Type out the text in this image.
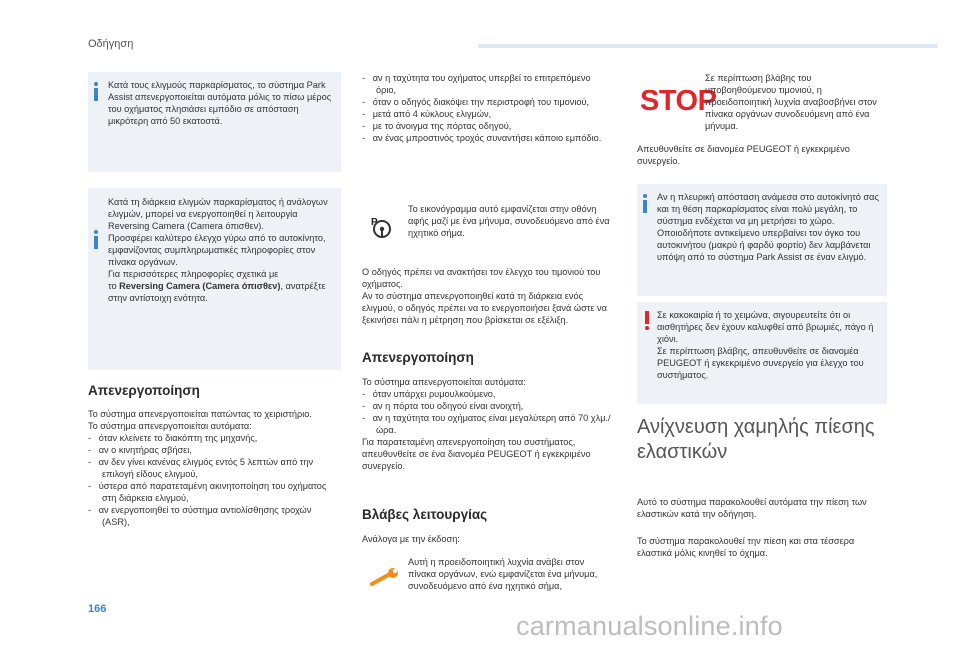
Οδήγηση
Κατά τους ελιγμούς παρκαρίσματος, το σύστημα Park Assist απενεργοποιείται αυτόματα μόλις το πίσω μέρος του οχήματος πλησιάσει εμπόδιο σε απόσταση μικρότερη από 50 εκατοστά.

Κατά τη διάρκεια ελιγμών παρκαρίσματος ή ανάλογων ελιγμών, μπορεί να ενεργοποιηθεί η λειτουργία Reversing Camera (Camera όπισθεν).

Προσφέρει καλύτερο έλεγχο γύρω από το αυτοκίνητο, εμφανίζοντας συμπληρωματικές πληροφορίες στον πίνακα οργάνων.

Για περισσότερες πληροφορίες σχετικά με

το Reversing Camera (Camera όπισθεν), ανατρέξτε στην αντίστοιχη ενότητα.

Απενεργοποίηση

Το σύστημα απενεργοποιείται πατώντας το χειριστήριο.

Το σύστημα απενεργοποιείται αυτόματα:

-   όταν κλείνετε το διακόπτη της μηχανής,

-   αν ο κινητήρας σβήσει,

-   αν δεν γίνει κανένας ελιγμός εντός 5 λεπτών από την επιλογή είδους ελιγμού,

-   ύστερα από παρατεταμένη ακινητοποίηση του οχήματος στη διάρκεια ελιγμού,

-   αν ενεργοποιηθεί το σύστημα αντιολίσθησης τροχών (ASR),

-   αν η ταχύτητα του οχήματος υπερβεί το επιτρεπόμενο όριο,

-   όταν ο οδηγός διακόψει την περιστροφή του τιμονιού,

-   μετά από 4 κύκλους ελιγμών,

-   με το άνοιγμα της πόρτας οδηγού,

-   αν ένας μπροστινός τροχός συναντήσει κάποιο εμπόδιο.

P
Το εικονόγραμμα αυτό εμφανίζεται στην οθόνη αφής μαζί με ένα μήνυμα, συνοδευόμενο από ένα ηχητικό σήμα.

Ο οδηγός πρέπει να ανακτήσει τον έλεγχο του τιμονιού του οχήματος.

Αν το σύστημα απενεργοποιηθεί κατά τη διάρκεια ενός ελιγμού, ο οδηγός πρέπει να το ενεργοποιήσει ξανά ώστε να ξεκινήσει πάλι η μέτρηση που βρίσκεται σε εξέλιξη.

Απενεργοποίηση

Το σύστημα απενεργοποιείται αυτόματα:

-   όταν υπάρχει ρυμουλκούμενο,

-   αν η πόρτα του οδηγού είναι ανοιχτή,

-   αν η ταχύτητα του οχήματος είναι μεγαλύτερη από 70 χλμ./ώρα.

Για παρατεταμένη απενεργοποίηση του συστήματος, απευθυνθείτε σε ένα διανομέα PEUGEOT ή εγκεκριμένο συνεργείο.

Βλάβες λειτουργίας
Ανάλογα με την έκδοση:
Αυτή η προειδοποιητική λυχνία ανάβει στον πίνακα οργάνων, ενώ εμφανίζεται ένα μήνυμα, συνοδευόμενο από ένα ηχητικό σήμα,
STOP
Σε περίπτωση βλάβης του υποβοηθούμενου τιμονιού, η προειδοποιητική λυχνία αναβοσβήνει στον πίνακα οργάνων συνοδευόμενη από ένα μήνυμα.
Απευθυνθείτε σε διανομέα PEUGEOT ή εγκεκριμένο συνεργείο.

Αν η πλευρική απόσταση ανάμεσα στο αυτοκίνητό σας και τη θέση παρκαρίσματος είναι πολύ μεγάλη, το σύστημα ενδέχεται να μη μετρήσει το χώρο.

Οποιοδήποτε αντικείμενο υπερβαίνει τον όγκο του αυτοκινήτου (μακρύ ή φαρδύ φορτίο) δεν λαμβάνεται υπόψη από το σύστημα Park Assist σε έναν ελιγμό.

Σε κακοκαιρία ή το χειμώνα, σιγουρευτείτε ότι οι αισθητήρες δεν έχουν καλυφθεί από βρωμιές, πάγο ή χιόνι.

Σε περίπτωση βλάβης, απευθυνθείτε σε διανομέα PEUGEOT ή εγκεκριμένο συνεργείο για έλεγχο του συστήματος.

Ανίχνευση χαμηλής πίεσης
ελαστικών
Αυτό το σύστημα παρακολουθεί αυτόματα την πίεση των ελαστικών κατά την οδήγηση.
Το σύστημα παρακολουθεί την πίεση και στα τέσσερα ελαστικά μόλις κινηθεί το όχημα.
166
carmanualsonline.info
